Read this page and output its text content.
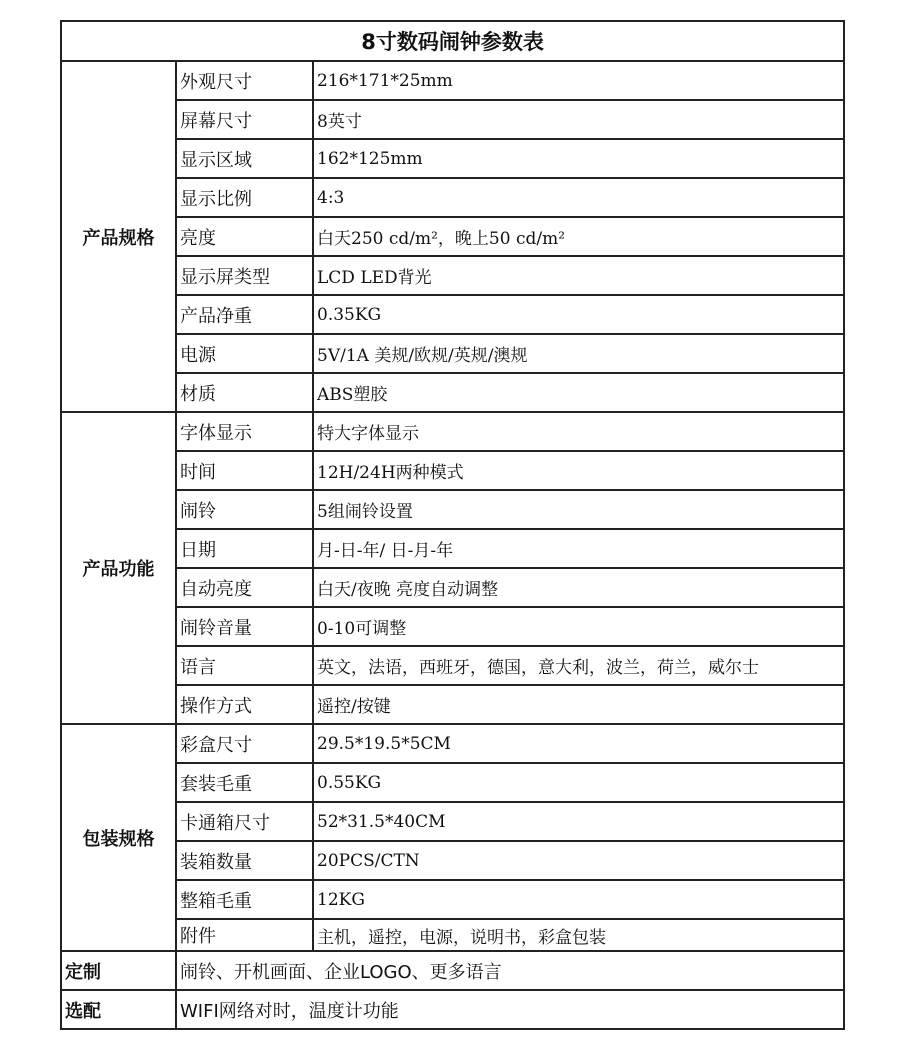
8寸数码闹钟参数表		
产品规格	外观尺寸	216*171*25mm
	屏幕尺寸	8英寸
	显示区域	162*125mm
	显示比例	4:3
	亮度	白天250 cd/m²，晚上50 cd/m²
	显示屏类型	LCD LED背光
	产品净重	0.35KG
	电源	5V/1A 美规/欧规/英规/澳规
	材质	ABS塑胶
产品功能	字体显示	特大字体显示
	时间	12H/24H两种模式
	闹铃	5组闹铃设置
	日期	月-日-年/ 日-月-年
	自动亮度	白天/夜晚 亮度自动调整
	闹铃音量	0-10可调整
	语言	英文，法语，西班牙，德国，意大利，波兰，荷兰，威尔士
	操作方式	遥控/按键
包装规格	彩盒尺寸	29.5*19.5*5CM
	套装毛重	0.55KG
	卡通箱尺寸	52*31.5*40CM
	装箱数量	20PCS/CTN
	整箱毛重	12KG
	附件	主机，遥控，电源，说明书，彩盒包装
定制	闹铃、开机画面、企业LOGO、更多语言	
选配	WIFI网络对时，温度计功能	
